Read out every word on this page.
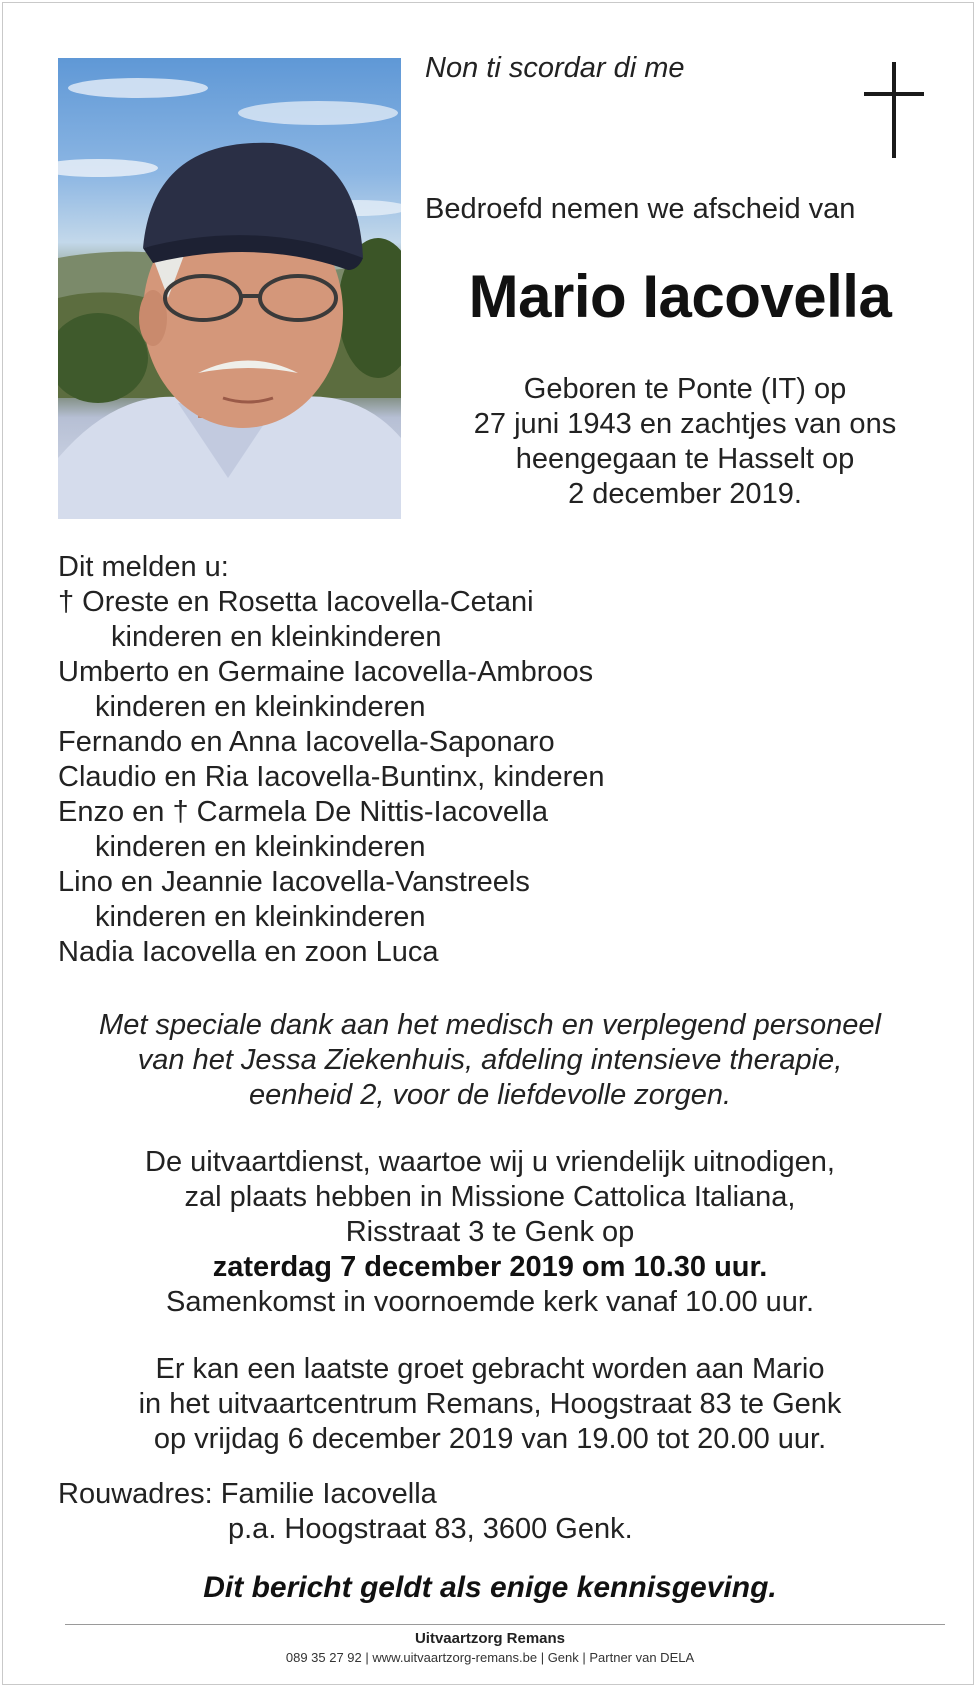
Non ti scordar di me
Bedroefd nemen we afscheid van
Mario Iacovella
Geboren te Ponte (IT) op
27 juni 1943 en zachtjes van ons
heengegaan te Hasselt op
2 december 2019.
Dit melden u:
† Oreste en Rosetta Iacovella-Cetani
kinderen en kleinkinderen
Umberto en Germaine Iacovella-Ambroos
kinderen en kleinkinderen
Fernando en Anna Iacovella-Saponaro
Claudio en Ria Iacovella-Buntinx, kinderen
Enzo en † Carmela De Nittis-Iacovella
kinderen en kleinkinderen
Lino en Jeannie Iacovella-Vanstreels
kinderen en kleinkinderen
Nadia Iacovella en zoon Luca
Met speciale dank aan het medisch en verplegend personeel
van het Jessa Ziekenhuis, afdeling intensieve therapie,
eenheid 2, voor de liefdevolle zorgen.
De uitvaartdienst, waartoe wij u vriendelijk uitnodigen,
zal plaats hebben in Missione Cattolica Italiana,
Risstraat 3 te Genk op
zaterdag 7 december 2019 om 10.30 uur.
Samenkomst in voornoemde kerk vanaf 10.00 uur.
Er kan een laatste groet gebracht worden aan Mario
in het uitvaartcentrum Remans, Hoogstraat 83 te Genk
op vrijdag 6 december 2019 van 19.00 tot 20.00 uur.
Rouwadres: Familie Iacovella
p.a. Hoogstraat 83, 3600 Genk.
Dit bericht geldt als enige kennisgeving.
Uitvaartzorg Remans
089 35 27 92 | www.uitvaartzorg-remans.be | Genk | Partner van DELA
